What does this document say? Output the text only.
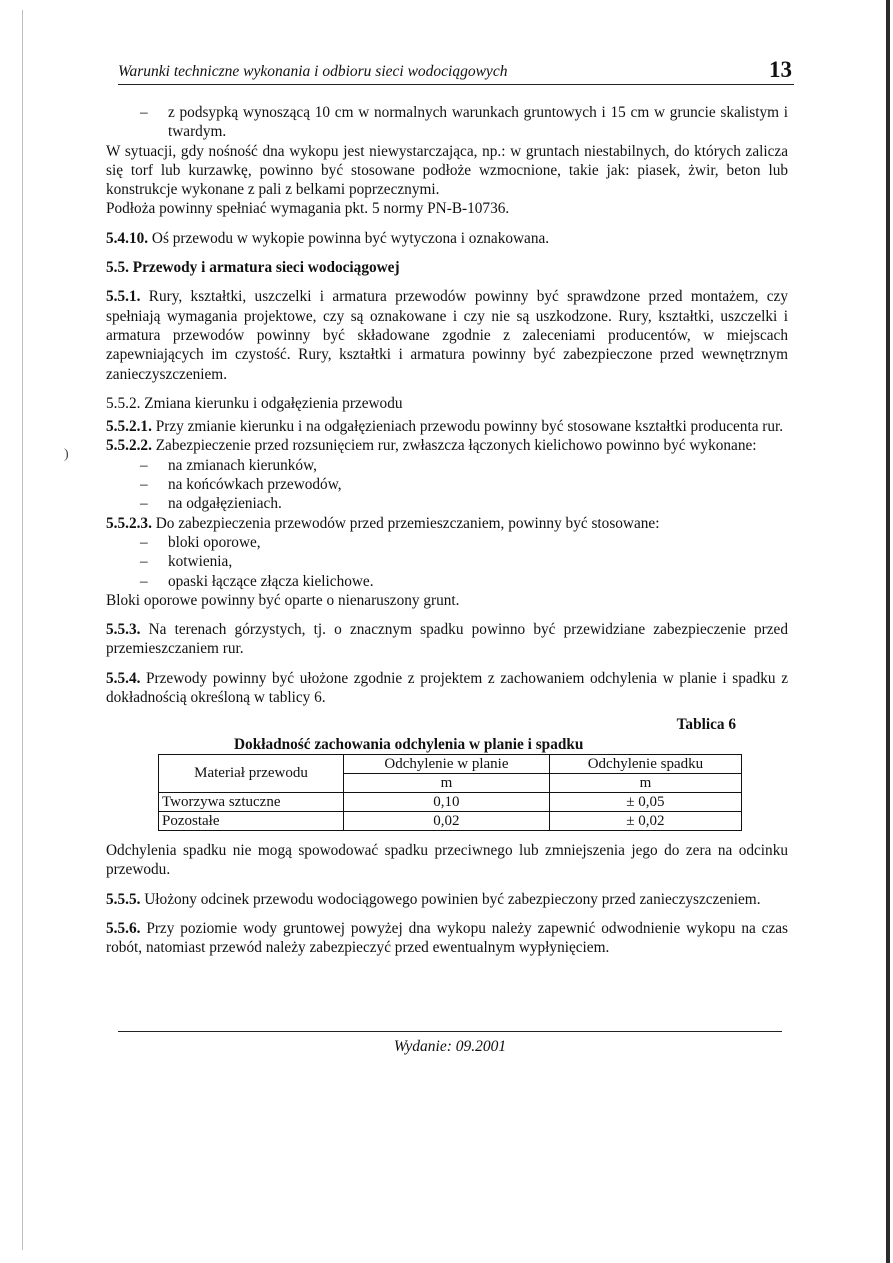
Warunki techniczne wykonania i odbioru sieci wodociągowych	13
)

– z podsypką wynoszącą 10 cm w normalnych warunkach gruntowych i 15 cm w gruncie skalistym i twardym.

W sytuacji, gdy nośność dna wykopu jest niewystarczająca, np.: w gruntach niestabilnych, do których zalicza się torf lub kurzawkę, powinno być stosowane podłoże wzmocnione, takie jak: piasek, żwir, beton lub konstrukcje wykonane z pali z belkami poprzecznymi.

Podłoża powinny spełniać wymagania pkt. 5 normy PN-B-10736.

5.4.10. Oś przewodu w wykopie powinna być wytyczona i oznakowana.

5.5. Przewody i armatura sieci wodociągowej

5.5.1. Rury, kształtki, uszczelki i armatura przewodów powinny być sprawdzone przed montażem, czy spełniają wymagania projektowe, czy są oznakowane i czy nie są uszkodzone. Rury, kształtki, uszczelki i armatura przewodów powinny być składowane zgodnie z zaleceniami producentów, w miejscach zapewniających im czystość. Rury, kształtki i armatura powinny być zabezpieczone przed wewnętrznym zanieczyszczeniem.

5.5.2. Zmiana kierunku i odgałęzienia przewodu

5.5.2.1. Przy zmianie kierunku i na odgałęzieniach przewodu powinny być stosowane kształtki producenta rur.

5.5.2.2. Zabezpieczenie przed rozsunięciem rur, zwłaszcza łączonych kielichowo powinno być wykonane:

– na zmianach kierunków,

– na końcówkach przewodów,

– na odgałęzieniach.

5.5.2.3. Do zabezpieczenia przewodów przed przemieszczaniem, powinny być stosowane:

– bloki oporowe,

– kotwienia,

– opaski łączące złącza kielichowe.

Bloki oporowe powinny być oparte o nienaruszony grunt.

5.5.3. Na terenach górzystych, tj. o znacznym spadku powinno być przewidziane zabezpieczenie przed przemieszczaniem rur.

5.5.4. Przewody powinny być ułożone zgodnie z projektem z zachowaniem odchylenia w planie i spadku z dokładnością określoną w tablicy 6.

Tablica 6

Dokładność zachowania odchylenia w planie i spadku

Materiał przewodu	Odchylenie w planie	Odchylenie spadku
	m	m
Tworzywa sztuczne	0,10	± 0,05
Pozostałe	0,02	± 0,02

Odchylenia spadku nie mogą spowodować spadku przeciwnego lub zmniejszenia jego do zera na odcinku przewodu.

5.5.5. Ułożony odcinek przewodu wodociągowego powinien być zabezpieczony przed zanieczyszczeniem.

5.5.6. Przy poziomie wody gruntowej powyżej dna wykopu należy zapewnić odwodnienie wykopu na czas robót, natomiast przewód należy zabezpieczyć przed ewentualnym wypłynięciem.

Wydanie: 09.2001
